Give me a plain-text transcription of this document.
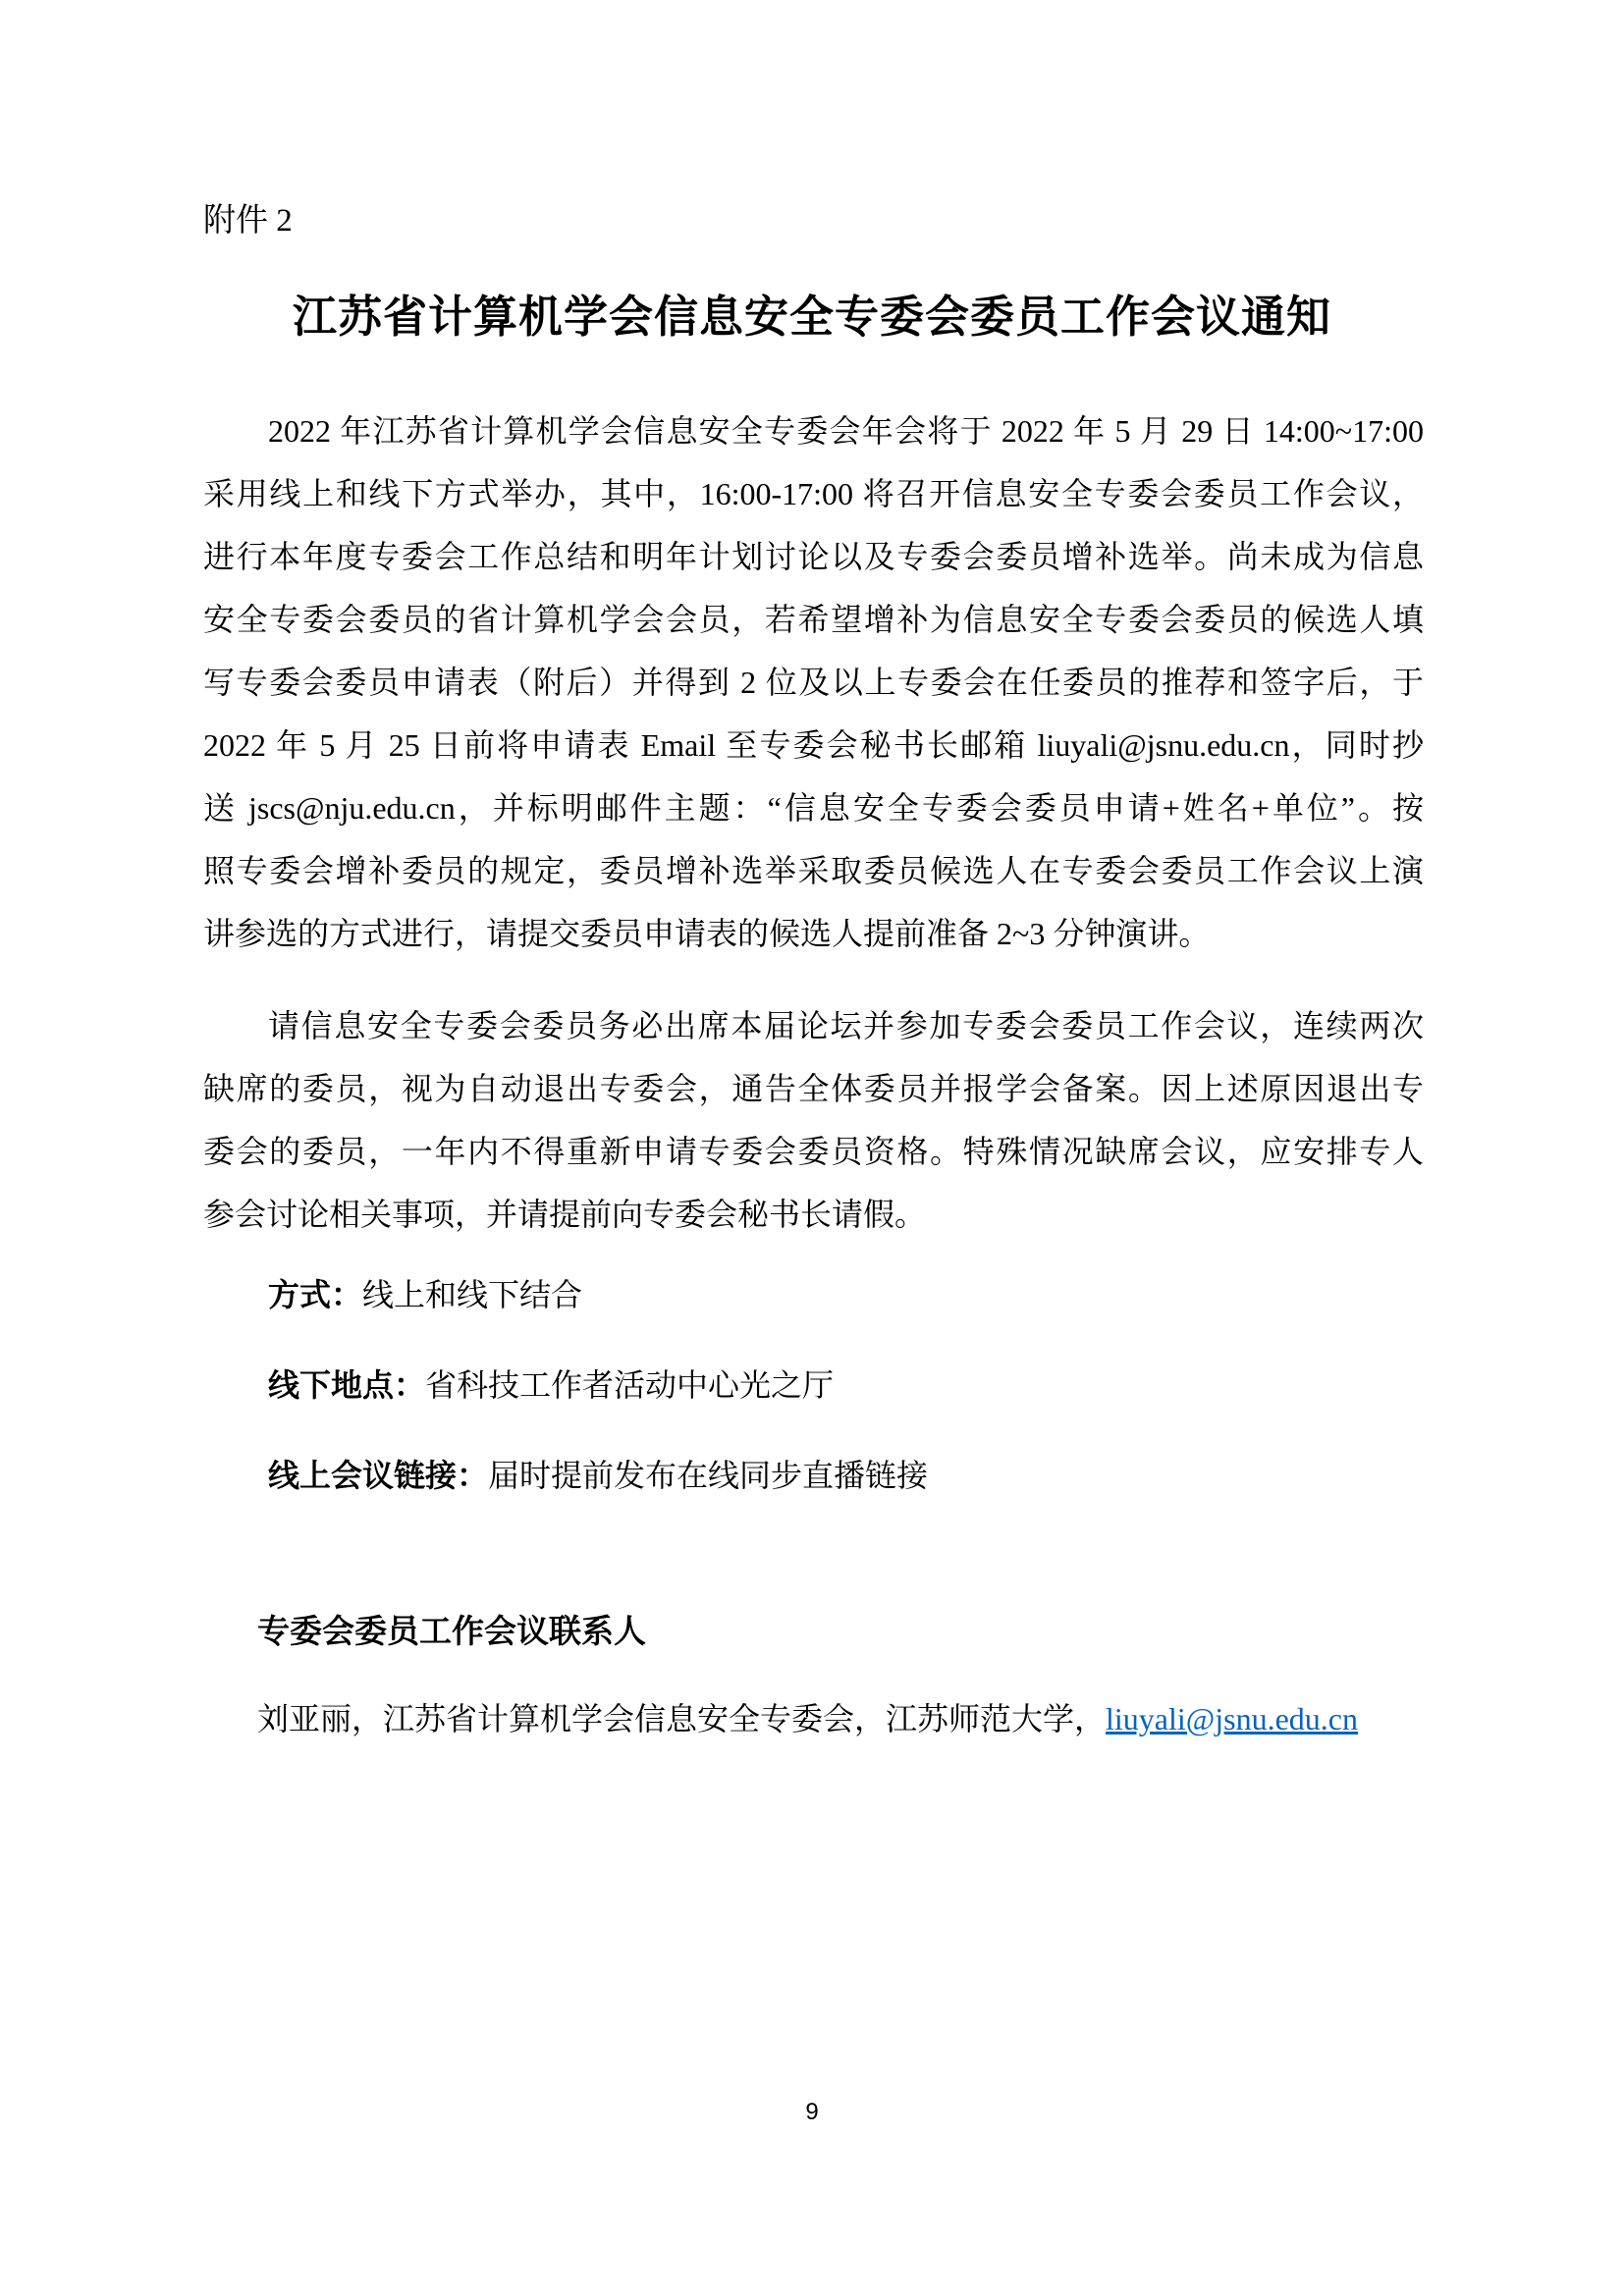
附件 2
江苏省计算机学会信息安全专委会委员工作会议通知
2022 年江苏省计算机学会信息安全专委会年会将于 2022 年 5 月 29 日 14:00~17:00
采用线上和线下方式举办，其中，16:00-17:00 将召开信息安全专委会委员工作会议，
进行本年度专委会工作总结和明年计划讨论以及专委会委员增补选举。尚未成为信息
安全专委会委员的省计算机学会会员，若希望增补为信息安全专委会委员的候选人填
写专委会委员申请表（附后）并得到 2 位及以上专委会在任委员的推荐和签字后，于
2022 年 5 月 25 日前将申请表 Email 至专委会秘书长邮箱 liuyali@jsnu.edu.cn，同时抄
送 jscs@nju.edu.cn，并标明邮件主题：“信息安全专委会委员申请+姓名+单位”。按
照专委会增补委员的规定，委员增补选举采取委员候选人在专委会委员工作会议上演
讲参选的方式进行，请提交委员申请表的候选人提前准备 2~3 分钟演讲。
请信息安全专委会委员务必出席本届论坛并参加专委会委员工作会议，连续两次
缺席的委员，视为自动退出专委会，通告全体委员并报学会备案。因上述原因退出专
委会的委员，一年内不得重新申请专委会委员资格。特殊情况缺席会议，应安排专人
参会讨论相关事项，并请提前向专委会秘书长请假。
方式：线上和线下结合
线下地点：省科技工作者活动中心光之厅
线上会议链接：届时提前发布在线同步直播链接
专委会委员工作会议联系人
刘亚丽，江苏省计算机学会信息安全专委会，江苏师范大学，liuyali@jsnu.edu.cn
9
